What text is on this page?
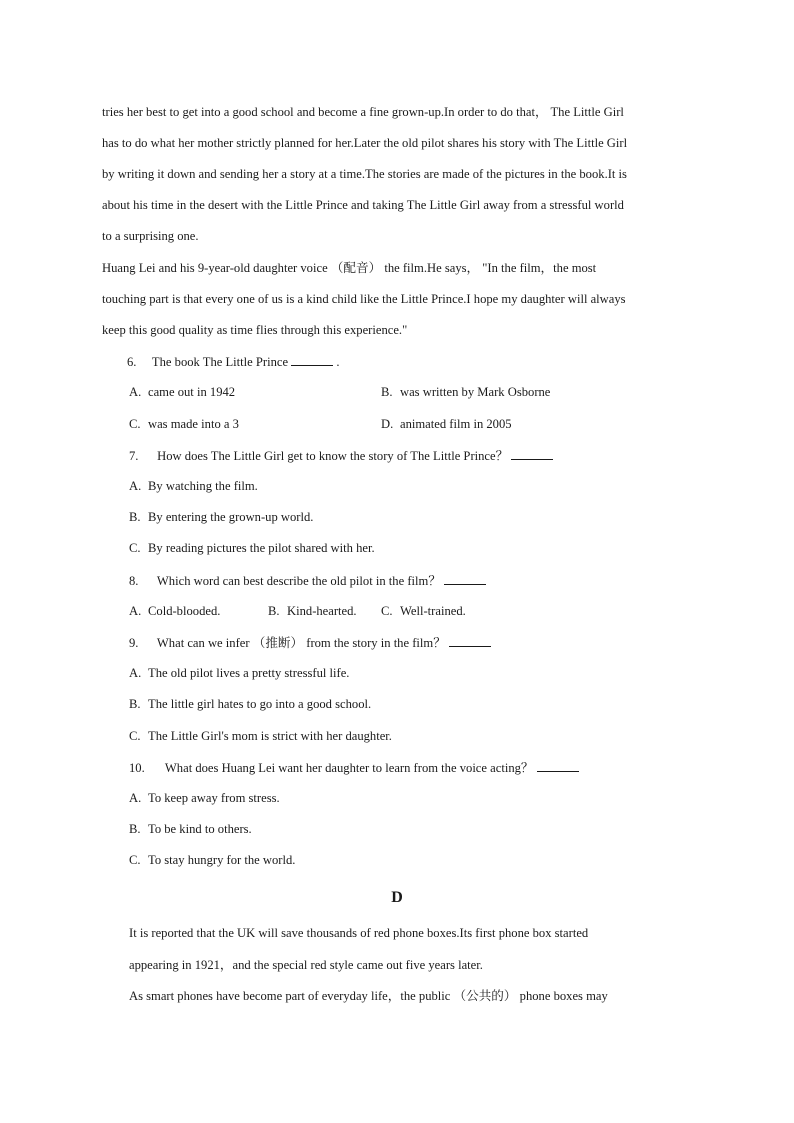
tries her best to get into a good school and become a fine grown-up.In order to do that， The Little Girl
has to do what her mother strictly planned for her.Later the old pilot shares his story with The Little Girl
by writing it down and sending her a story at a time.The stories are made of the pictures in the book.It is
about his time in the desert with the Little Prince and taking The Little Girl away from a stressful world
to a surprising one.
Huang Lei and his 9-year-old daughter voice （配音） the film.He says， "In the film，the most
touching part is that every one of us is a kind child like the Little Prince.I hope my daughter will always
keep this good quality as time flies through this experience."
6. The book The Little Prince	.
A. came out in 1942	B. was written by Mark Osborne
C. was made into a 3	D. animated film in 2005
7. How does The Little Girl get to know the story of The Little Prince？
A. By watching the film.
B. By entering the grown-up world.
C. By reading pictures the pilot shared with her.
8. Which word can best describe the old pilot in the film？
A. Cold-blooded.	B. Kind-hearted. C. Well-trained.
9. What can we infer （推断） from the story in the film？
A. The old pilot lives a pretty stressful life.
B. The little girl hates to go into a good school.
C. The Little Girl's mom is strict with her daughter.
10. What does Huang Lei want her daughter to learn from the voice acting？
A. To keep away from stress.
B. To be kind to others.
C. To stay hungry for the world.
D
It is reported that the UK will save thousands of red phone boxes.Its first phone box started
appearing in 1921，and the special red style came out five years later.
As smart phones have become part of everyday life，the public （公共的） phone boxes may
